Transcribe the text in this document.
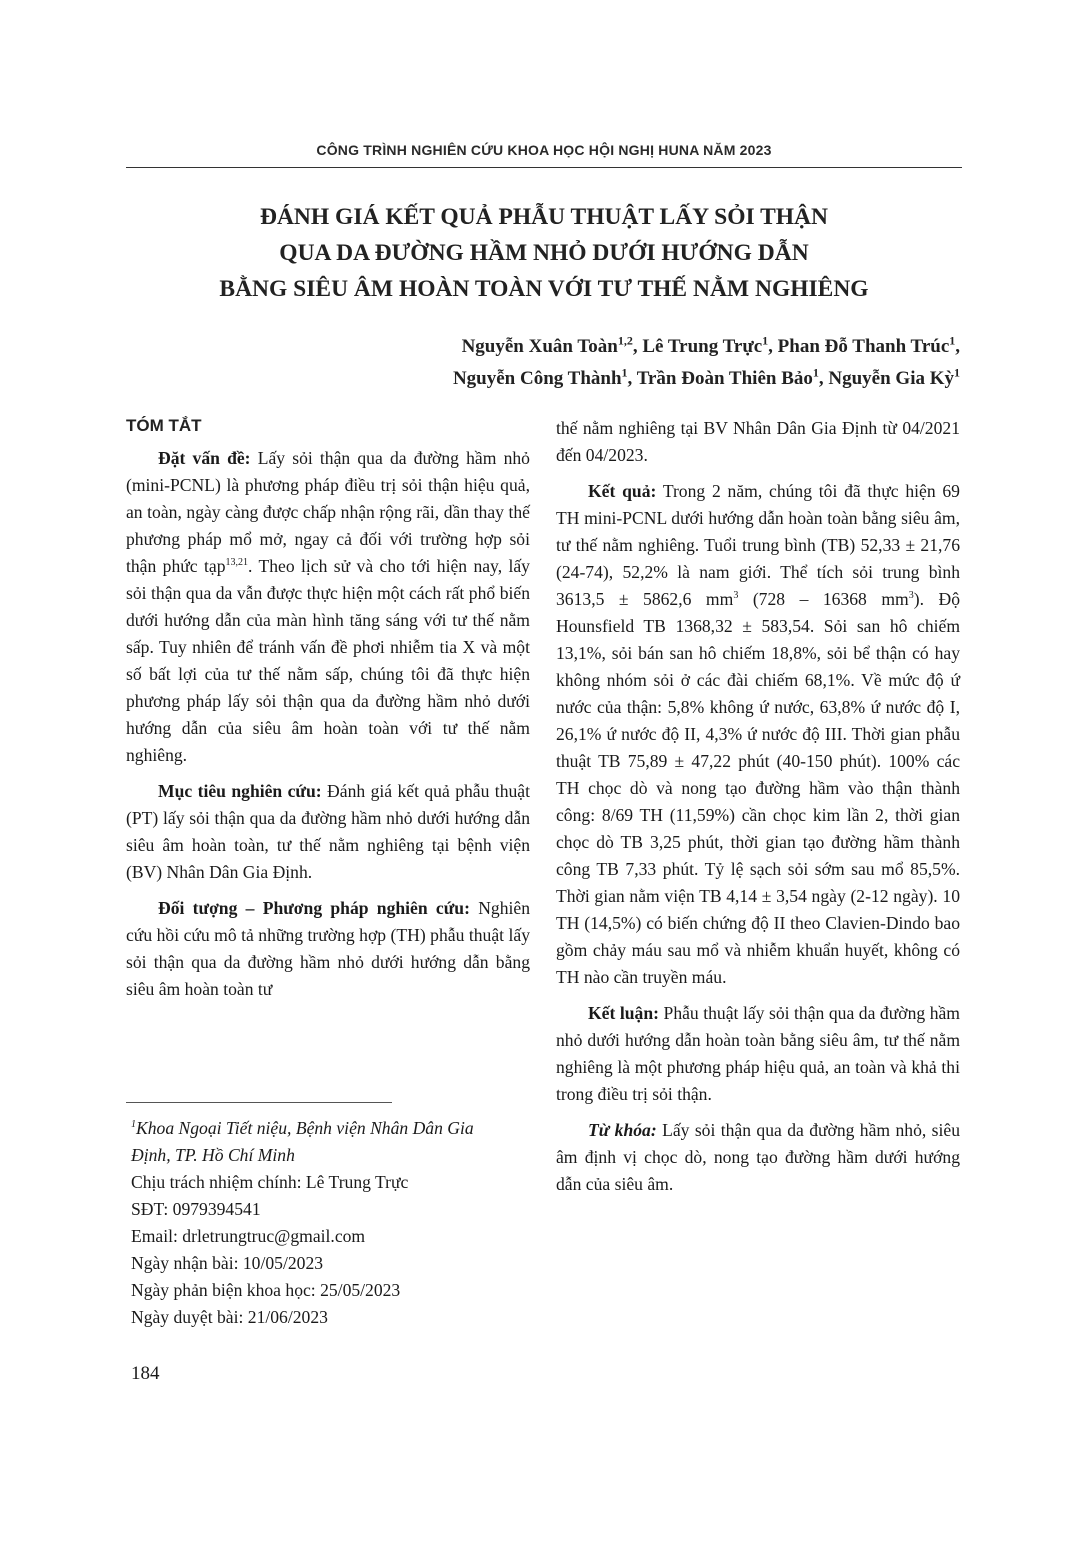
CÔNG TRÌNH NGHIÊN CỨU KHOA HỌC HỘI NGHỊ HUNA NĂM 2023
ĐÁNH GIÁ KẾT QUẢ PHẪU THUẬT LẤY SỎI THẬN
QUA DA ĐƯỜNG HẦM NHỎ DƯỚI HƯỚNG DẪN
BẰNG SIÊU ÂM HOÀN TOÀN VỚI TƯ THẾ NẰM NGHIÊNG
Nguyễn Xuân Toàn$^{1,2}$, Lê Trung Trực$^1$, Phan Đỗ Thanh Trúc$^1$,
Nguyễn Công Thành$^1$, Trần Đoàn Thiên Bảo$^1$, Nguyễn Gia Kỳ$^1$
TÓM TẮT

Đặt vấn đề: Lấy sỏi thận qua da đường hầm nhỏ (mini-PCNL) là phương pháp điều trị sỏi thận hiệu quả, an toàn, ngày càng được chấp nhận rộng rãi, dần thay thế phương pháp mổ mở, ngay cả đối với trường hợp sỏi thận phức tạp$^{13,21}$. Theo lịch sử và cho tới hiện nay, lấy sỏi thận qua da vẫn được thực hiện một cách rất phổ biến dưới hướng dẫn của màn hình tăng sáng với tư thế nằm sấp. Tuy nhiên để tránh vấn đề phơi nhiễm tia X và một số bất lợi của tư thế nằm sấp, chúng tôi đã thực hiện phương pháp lấy sỏi thận qua da đường hầm nhỏ dưới hướng dẫn của siêu âm hoàn toàn với tư thế nằm nghiêng.

Mục tiêu nghiên cứu: Đánh giá kết quả phẫu thuật (PT) lấy sỏi thận qua da đường hầm nhỏ dưới hướng dẫn siêu âm hoàn toàn, tư thế nằm nghiêng tại bệnh viện (BV) Nhân Dân Gia Định.

Đối tượng – Phương pháp nghiên cứu: Nghiên cứu hồi cứu mô tả những trường hợp (TH) phẫu thuật lấy sỏi thận qua da đường hầm nhỏ dưới hướng dẫn bằng siêu âm hoàn toàn tư

thế nằm nghiêng tại BV Nhân Dân Gia Định từ 04/2021 đến 04/2023.

Kết quả: Trong 2 năm, chúng tôi đã thực hiện 69 TH mini-PCNL dưới hướng dẫn hoàn toàn bằng siêu âm, tư thế nằm nghiêng. Tuổi trung bình (TB) 52,33 ± 21,76 (24-74), 52,2% là nam giới. Thể tích sỏi trung bình 3613,5 ± 5862,6 mm$^3$ (728 – 16368 mm$^3$). Độ Hounsfield TB 1368,32 ± 583,54. Sỏi san hô chiếm 13,1%, sỏi bán san hô chiếm 18,8%, sỏi bể thận có hay không nhóm sỏi ở các đài chiếm 68,1%. Về mức độ ứ nước của thận: 5,8% không ứ nước, 63,8% ứ nước độ I, 26,1% ứ nước độ II, 4,3% ứ nước độ III. Thời gian phẫu thuật TB 75,89 ± 47,22 phút (40-150 phút). 100% các TH chọc dò và nong tạo đường hầm vào thận thành công: 8/69 TH (11,59%) cần chọc kim lần 2, thời gian chọc dò TB 3,25 phút, thời gian tạo đường hầm thành công TB 7,33 phút. Tỷ lệ sạch sỏi sớm sau mổ 85,5%. Thời gian nằm viện TB 4,14 ± 3,54 ngày (2-12 ngày). 10 TH (14,5%) có biến chứng độ II theo Clavien-Dindo bao gồm chảy máu sau mổ và nhiễm khuẩn huyết, không có TH nào cần truyền máu.

Kết luận: Phẫu thuật lấy sỏi thận qua da đường hầm nhỏ dưới hướng dẫn hoàn toàn bằng siêu âm, tư thế nằm nghiêng là một phương pháp hiệu quả, an toàn và khả thi trong điều trị sỏi thận.

Từ khóa: Lấy sỏi thận qua da đường hầm nhỏ, siêu âm định vị chọc dò, nong tạo đường hầm dưới hướng dẫn của siêu âm.

$^1$Khoa Ngoại Tiết niệu, Bệnh viện Nhân Dân Gia
Định, TP. Hồ Chí Minh
Chịu trách nhiệm chính: Lê Trung Trực
SĐT: 0979394541
Email: drletrungtruc@gmail.com
Ngày nhận bài: 10/05/2023
Ngày phản biện khoa học: 25/05/2023
Ngày duyệt bài: 21/06/2023
184
